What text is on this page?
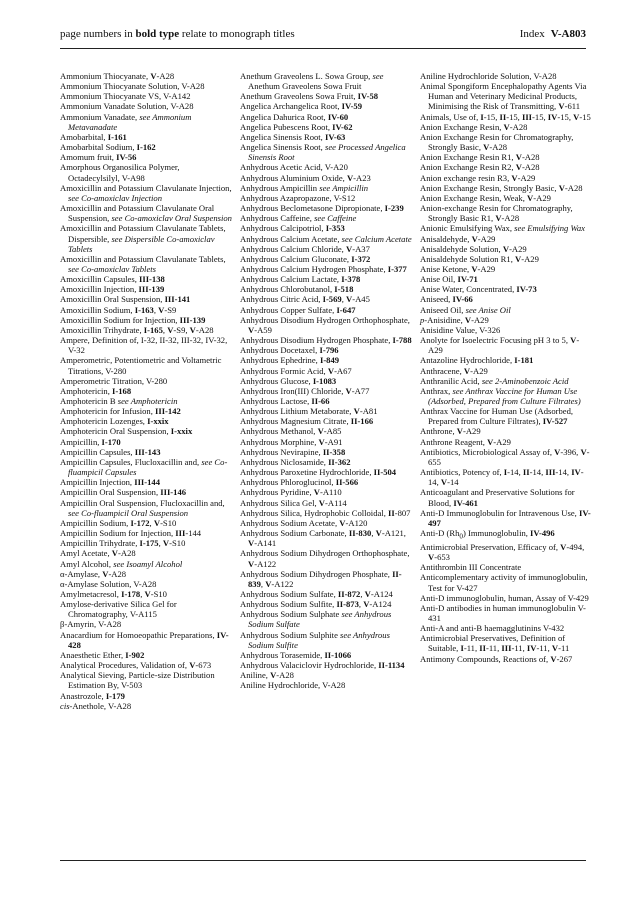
page numbers in bold type relate to monograph titles	Index V-A803

Ammonium Thiocyanate, V-A28

Ammonium Thiocyanate Solution, V-A28

Ammonium Thiocyanate VS, V-A142

Ammonium Vanadate Solution, V-A28

Ammonium Vanadate, see Ammonium Metavanadate

Amobarbital, I-161

Amobarbital Sodium, I-162

Amomum fruit, IV-56

Amorphous Organosilica Polymer, Octadecylsilyl, V-A98

Amoxicillin and Potassium Clavulanate Injection, see Co-amoxiclav Injection

Amoxicillin and Potassium Clavulanate Oral Suspension, see Co-amoxiclav Oral Suspension

Amoxicillin and Potassium Clavulanate Tablets, Dispersible, see Dispersible Co-amoxiclav Tablets

Amoxicillin and Potassium Clavulanate Tablets, see Co-amoxiclav Tablets

Amoxicillin Capsules, III-138

Amoxicillin Injection, III-139

Amoxicillin Oral Suspension, III-141

Amoxicillin Sodium, I-163, V-S9

Amoxicillin Sodium for Injection, III-139

Amoxicillin Trihydrate, I-165, V-S9, V-A28

Ampere, Definition of, I-32, II-32, III-32, IV-32, V-32

Amperometric, Potentiometric and Voltametric Titrations, V-280

Amperometric Titration, V-280

Amphotericin, I-168

Amphotericin B see Amphotericin

Amphotericin for Infusion, III-142

Amphotericin Lozenges, I-xxix

Amphotericin Oral Suspension, I-xxix

Ampicillin, I-170

Ampicillin Capsules, III-143

Ampicillin Capsules, Flucloxacillin and, see Co-fluampicil Capsules

Ampicillin Injection, III-144

Ampicillin Oral Suspension, III-146

Ampicillin Oral Suspension, Flucloxacillin and, see Co-fluampicil Oral Suspension

Ampicillin Sodium, I-172, V-S10

Ampicillin Sodium for Injection, III-144

Ampicillin Trihydrate, I-175, V-S10

Amyl Acetate, V-A28

Amyl Alcohol, see Isoamyl Alcohol

α-Amylase, V-A28

α-Amylase Solution, V-A28

Amylmetacresol, I-178, V-S10

Amylose-derivative Silica Gel for Chromatography, V-A115

β-Amyrin, V-A28

Anacardium for Homoeopathic Preparations, IV-428

Anaesthetic Ether, I-902

Analytical Procedures, Validation of, V-673

Analytical Sieving, Particle-size Distribution Estimation By, V-503

Anastrozole, I-179

cis-Anethole, V-A28

Anethum Graveolens L. Sowa Group, see Anethum Graveolens Sowa Fruit

Anethum Graveolens Sowa Fruit, IV-58

Angelica Archangelica Root, IV-59

Angelica Dahurica Root, IV-60

Angelica Pubescens Root, IV-62

Angelica Sinensis Root, IV-63

Angelica Sinensis Root, see Processed Angelica Sinensis Root

Anhydrous Acetic Acid, V-A20

Anhydrous Aluminium Oxide, V-A23

Anhydrous Ampicillin see Ampicillin

Anhydrous Azapropazone, V-S12

Anhydrous Beclometasone Dipropionate, I-239

Anhydrous Caffeine, see Caffeine

Anhydrous Calcipotriol, I-353

Anhydrous Calcium Acetate, see Calcium Acetate

Anhydrous Calcium Chloride, V-A37

Anhydrous Calcium Gluconate, I-372

Anhydrous Calcium Hydrogen Phosphate, I-377

Anhydrous Calcium Lactate, I-378

Anhydrous Chlorobutanol, I-518

Anhydrous Citric Acid, I-569, V-A45

Anhydrous Copper Sulfate, I-647

Anhydrous Disodium Hydrogen Orthophosphate, V-A59

Anhydrous Disodium Hydrogen Phosphate, I-788

Anhydrous Docetaxel, I-796

Anhydrous Ephedrine, I-849

Anhydrous Formic Acid, V-A67

Anhydrous Glucose, I-1083

Anhydrous Iron(III) Chloride, V-A77

Anhydrous Lactose, II-66

Anhydrous Lithium Metaborate, V-A81

Anhydrous Magnesium Citrate, II-166

Anhydrous Methanol, V-A85

Anhydrous Morphine, V-A91

Anhydrous Nevirapine, II-358

Anhydrous Niclosamide, II-362

Anhydrous Paroxetine Hydrochloride, II-504

Anhydrous Phloroglucinol, II-566

Anhydrous Pyridine, V-A110

Anhydrous Silica Gel, V-A114

Anhydrous Silica, Hydrophobic Colloidal, II-807

Anhydrous Sodium Acetate, V-A120

Anhydrous Sodium Carbonate, II-830, V-A121, V-A141

Anhydrous Sodium Dihydrogen Orthophosphate, V-A122

Anhydrous Sodium Dihydrogen Phosphate, II-839, V-A122

Anhydrous Sodium Sulfate, II-872, V-A124

Anhydrous Sodium Sulfite, II-873, V-A124

Anhydrous Sodium Sulphate see Anhydrous Sodium Sulfate

Anhydrous Sodium Sulphite see Anhydrous Sodium Sulfite

Anhydrous Torasemide, II-1066

Anhydrous Valaciclovir Hydrochloride, II-1134

Aniline, V-A28

Aniline Hydrochloride, V-A28

Aniline Hydrochloride Solution, V-A28

Animal Spongiform Encephalopathy Agents Via Human and Veterinary Medicinal Products, Minimising the Risk of Transmitting, V-611

Animals, Use of, I-15, II-15, III-15, IV-15, V-15

Anion Exchange Resin, V-A28

Anion Exchange Resin for Chromatography, Strongly Basic, V-A28

Anion Exchange Resin R1, V-A28

Anion Exchange Resin R2, V-A28

Anion exchange resin R3, V-A29

Anion Exchange Resin, Strongly Basic, V-A28

Anion Exchange Resin, Weak, V-A29

Anion-exchange Resin for Chromatography, Strongly Basic R1, V-A28

Anionic Emulsifying Wax, see Emulsifying Wax

Anisaldehyde, V-A29

Anisaldehyde Solution, V-A29

Anisaldehyde Solution R1, V-A29

Anise Ketone, V-A29

Anise Oil, IV-71

Anise Water, Concentrated, IV-73

Aniseed, IV-66

Aniseed Oil, see Anise Oil

p-Anisidine, V-A29

Anisidine Value, V-326

Anolyte for Isoelectric Focusing pH 3 to 5, V-A29

Antazoline Hydrochloride, I-181

Anthracene, V-A29

Anthranilic Acid, see 2-Aminobenzoic Acid

Anthrax, see Anthrax Vaccine for Human Use (Adsorbed, Prepared from Culture Filtrates)

Anthrax Vaccine for Human Use (Adsorbed, Prepared from Culture Filtrates), IV-527

Anthrone, V-A29

Anthrone Reagent, V-A29

Antibiotics, Microbiological Assay of, V-396, V-655

Antibiotics, Potency of, I-14, II-14, III-14, IV-14, V-14

Anticoagulant and Preservative Solutions for Blood, IV-461

Anti-D Immunoglobulin for Intravenous Use, IV-497

Anti-D $(Rh_0)$ Immunoglobulin, IV-496

Antimicrobial Preservation, Efficacy of, V-494, V-653

Antithrombin III Concentrate

Anticomplementary activity of immunoglobulin, Test for V-427

Anti-D immunoglobulin, human, Assay of V-429

Anti-D antibodies in human immunoglobulin V-431

Anti-A and anti-B haemagglutinins V-432

Antimicrobial Preservatives, Definition of Suitable, I-11, II-11, III-11, IV-11, V-11

Antimony Compounds, Reactions of, V-267
